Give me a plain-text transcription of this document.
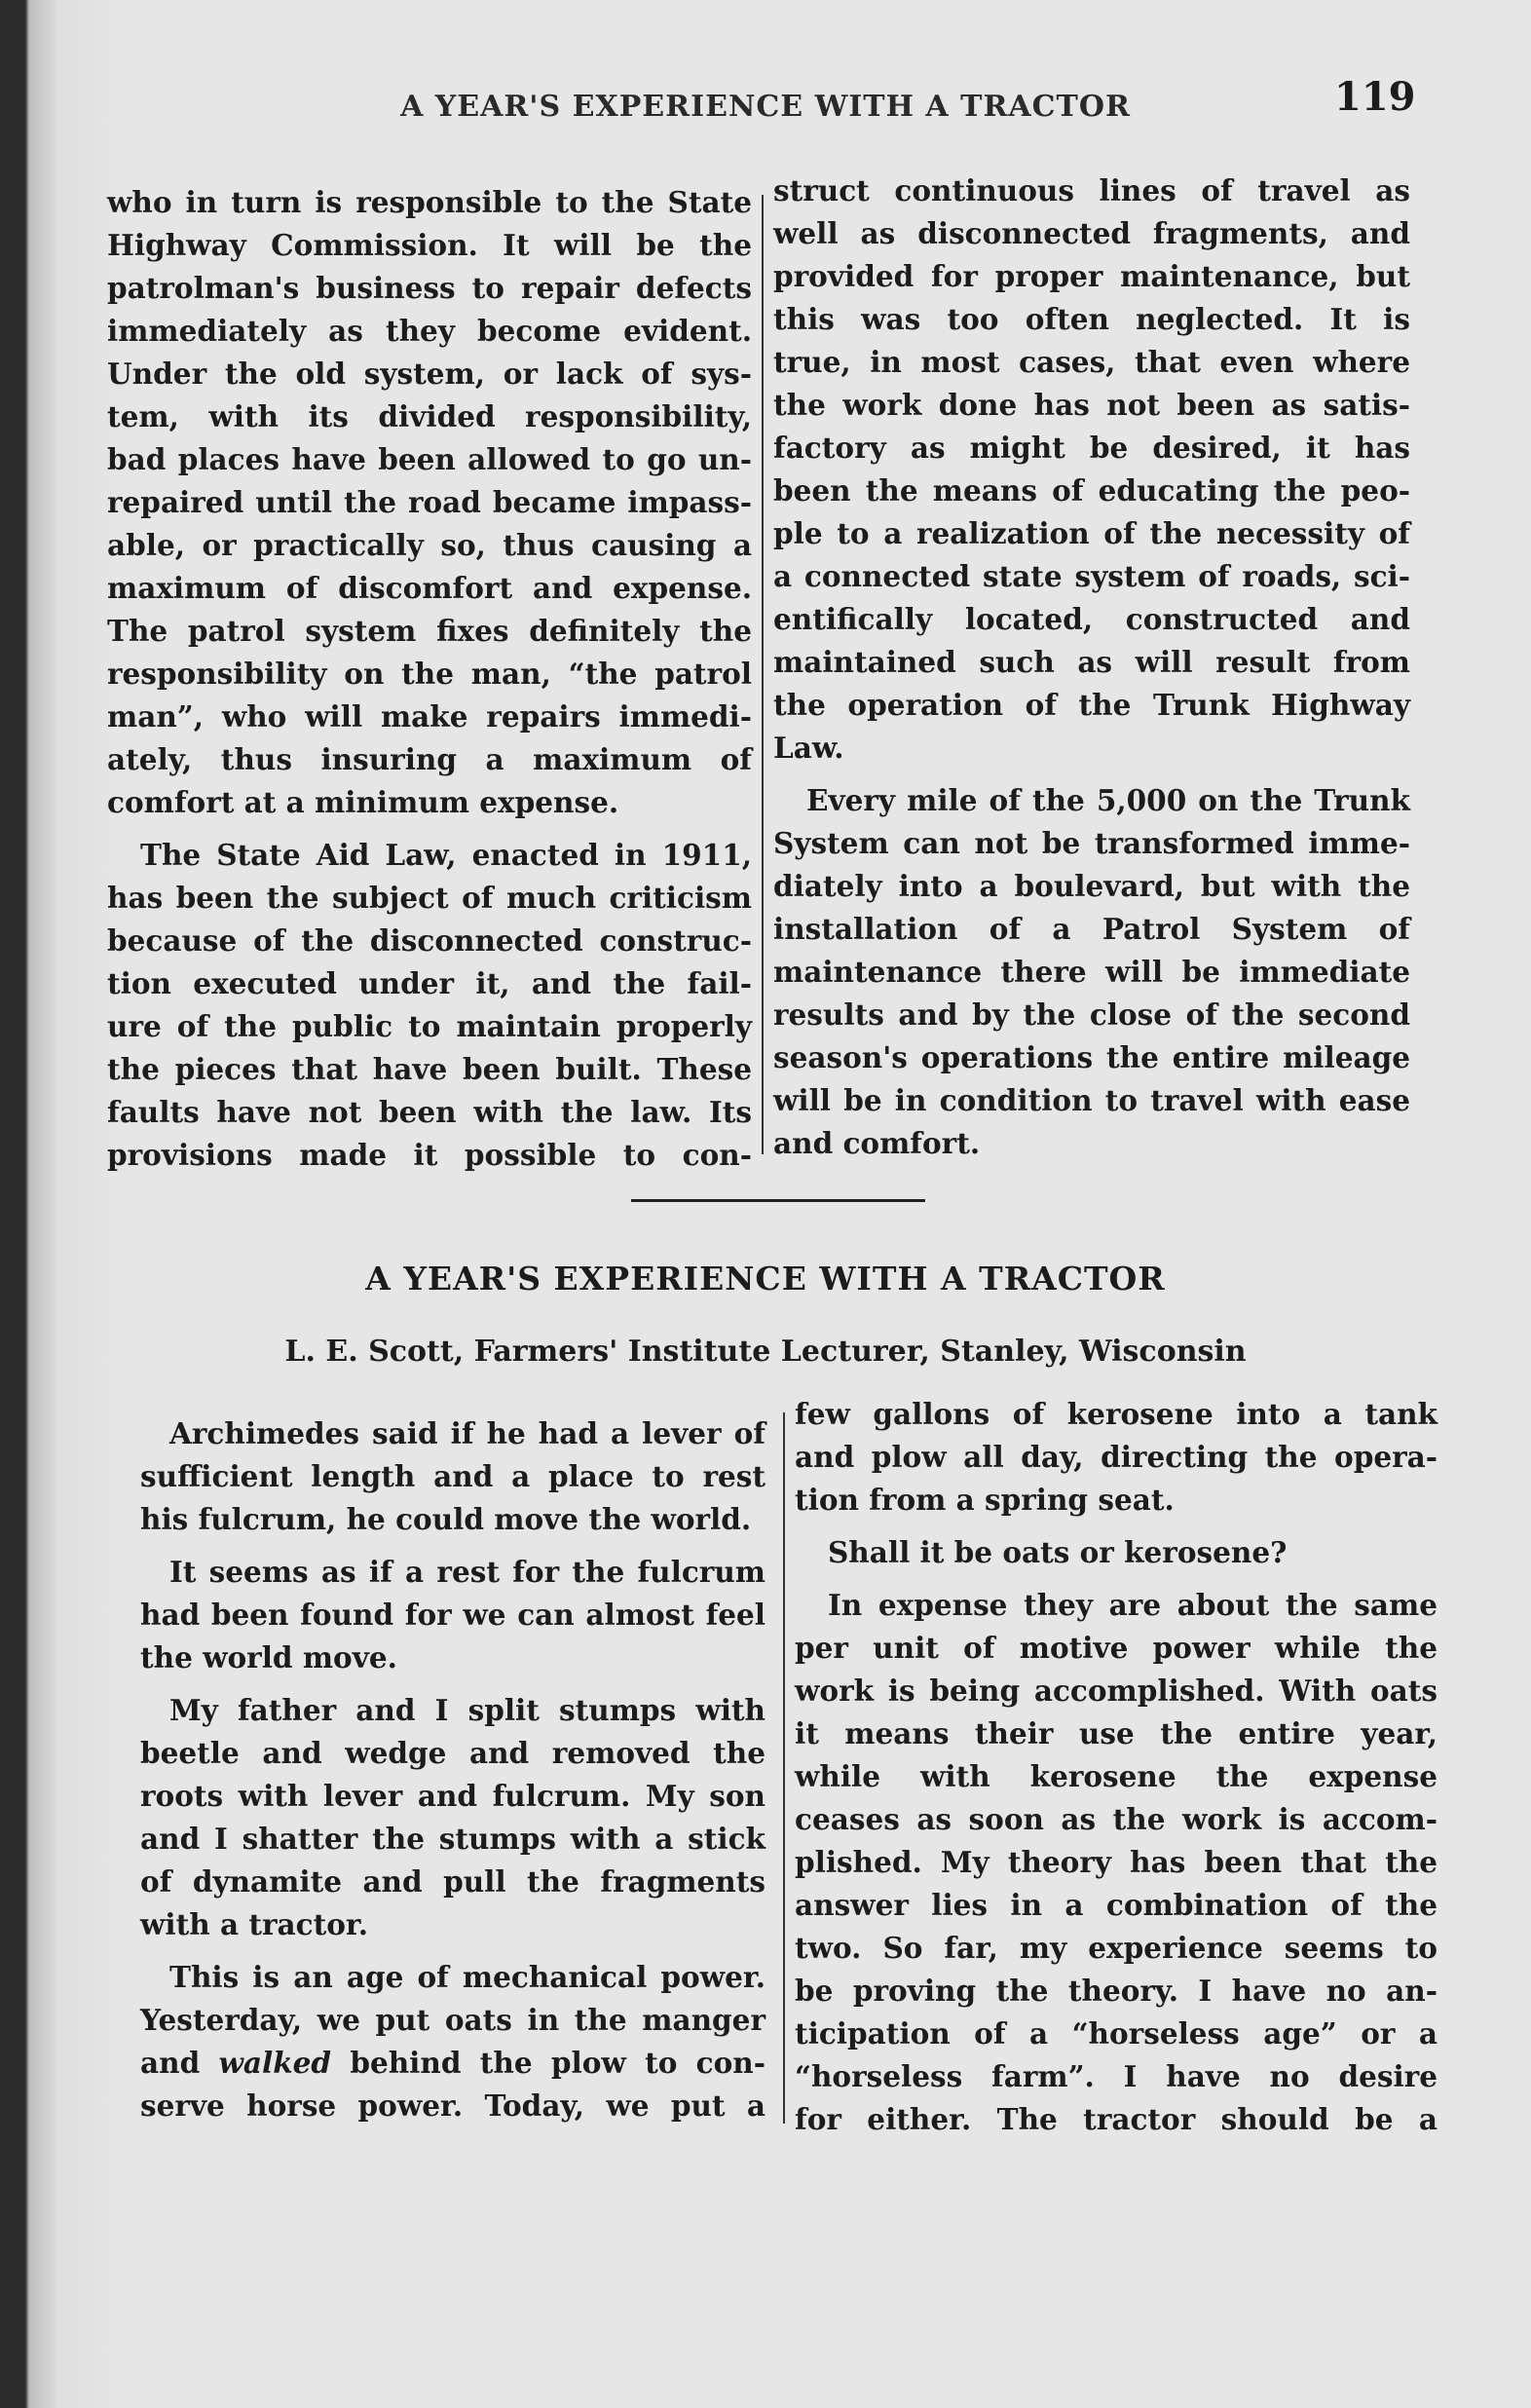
A YEAR'S EXPERIENCE WITH A TRACTOR	119

who in turn is responsible to the State
Highway Commission. It will be the
patrolman's business to repair defects
immediately as they become evident.
Under the old system, or lack of sys-
tem, with its divided responsibility,
bad places have been allowed to go un-
repaired until the road became impass-
able, or practically so, thus causing a
maximum of discomfort and expense.
The patrol system fixes definitely the
responsibility on the man, “the patrol
man”, who will make repairs immedi-
ately, thus insuring a maximum of
comfort at a minimum expense.

The State Aid Law, enacted in 1911,
has been the subject of much criticism
because of the disconnected construc-
tion executed under it, and the fail-
ure of the public to maintain properly
the pieces that have been built. These
faults have not been with the law. Its
provisions made it possible to con-

struct continuous lines of travel as
well as disconnected fragments, and
provided for proper maintenance, but
this was too often neglected. It is
true, in most cases, that even where
the work done has not been as satis-
factory as might be desired, it has
been the means of educating the peo-
ple to a realization of the necessity of
a connected state system of roads, sci-
entifically located, constructed and
maintained such as will result from
the operation of the Trunk Highway
Law.

Every mile of the 5,000 on the Trunk
System can not be transformed imme-
diately into a boulevard, but with the
installation of a Patrol System of
maintenance there will be immediate
results and by the close of the second
season's operations the entire mileage
will be in condition to travel with ease
and comfort.

A YEAR'S EXPERIENCE WITH A TRACTOR
L. E. Scott, Farmers' Institute Lecturer, Stanley, Wisconsin

Archimedes said if he had a lever of
sufficient length and a place to rest
his fulcrum, he could move the world.

It seems as if a rest for the fulcrum
had been found for we can almost feel
the world move.

My father and I split stumps with
beetle and wedge and removed the
roots with lever and fulcrum. My son
and I shatter the stumps with a stick
of dynamite and pull the fragments
with a tractor.

This is an age of mechanical power.
Yesterday, we put oats in the manger
and walked behind the plow to con-
serve horse power. Today, we put a

few gallons of kerosene into a tank
and plow all day, directing the opera-
tion from a spring seat.

Shall it be oats or kerosene?

In expense they are about the same
per unit of motive power while the
work is being accomplished. With oats
it means their use the entire year,
while with kerosene the expense
ceases as soon as the work is accom-
plished. My theory has been that the
answer lies in a combination of the
two. So far, my experience seems to
be proving the theory. I have no an-
ticipation of a “horseless age” or a
“horseless farm”. I have no desire
for either. The tractor should be a
